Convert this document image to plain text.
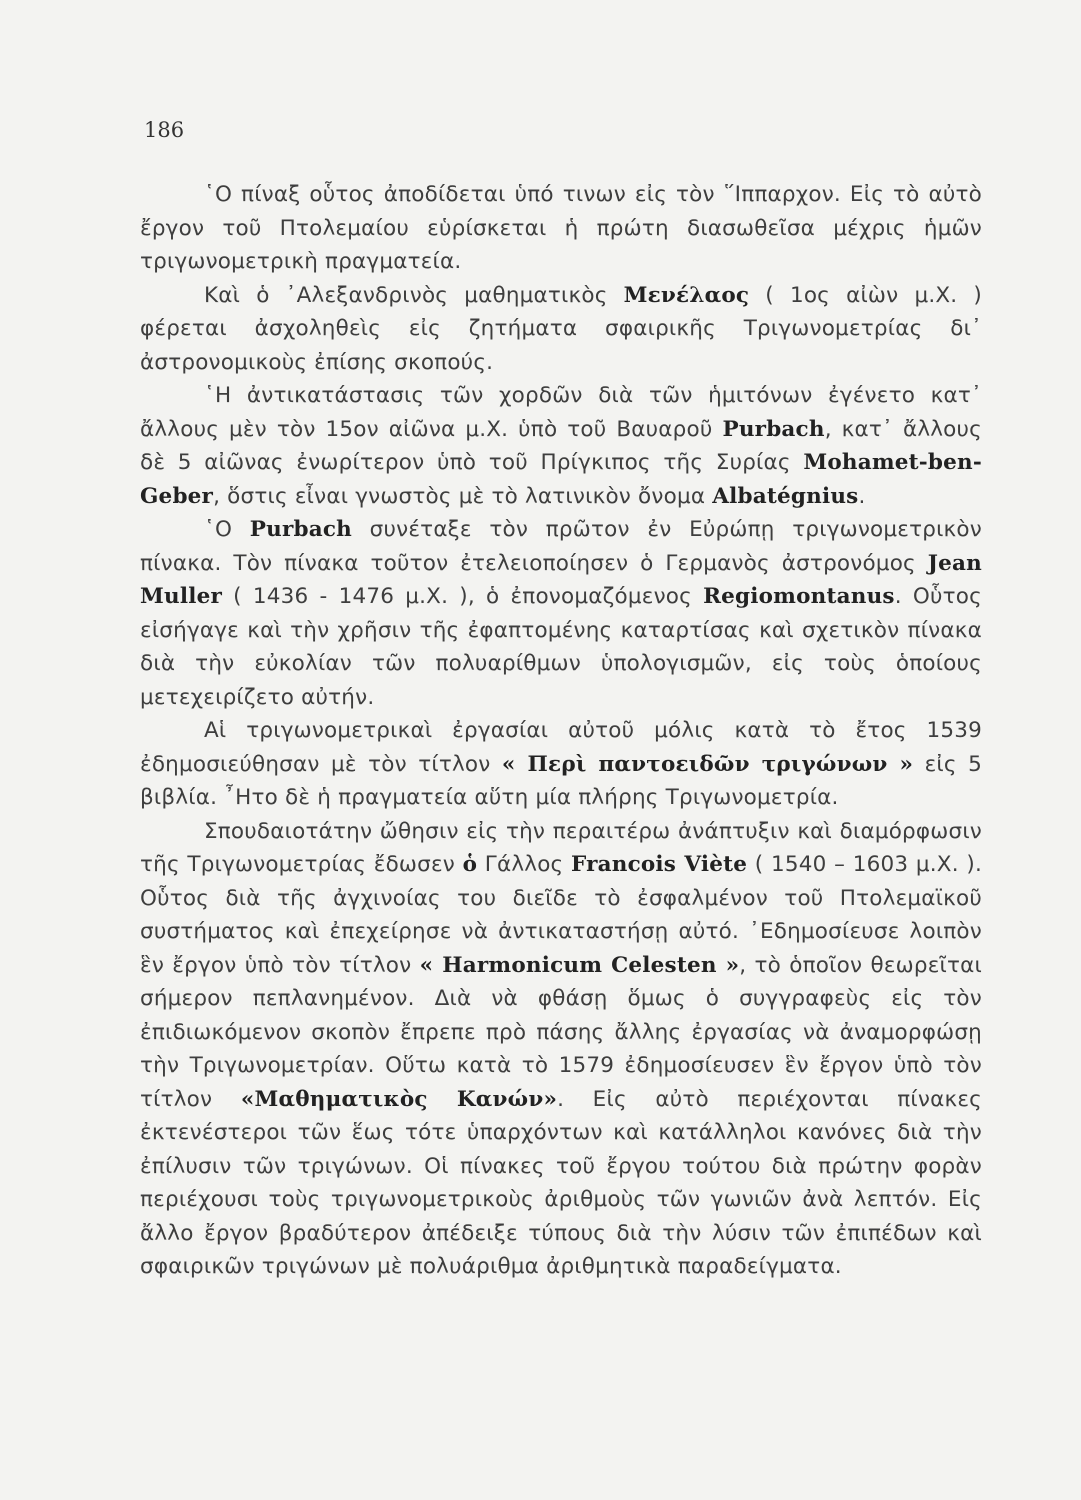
186

῾Ο πίναξ οὗτος ἀποδίδεται ὑπό τινων εἰς τὸν ῞Ιππαρχον. Εἰς τὸ αὐτὸ ἔργον τοῦ Πτολεμαίου εὑρίσκεται ἡ πρώτη διασωθεῖσα μέχρις ἡμῶν τριγωνομετρικὴ πραγματεία.

Καὶ ὁ ᾿Αλεξανδρινὸς μαθηματικὸς Μενέλαος ( 1ος αἰὼν μ.Χ. ) φέρεται ἀσχοληθεὶς εἰς ζητήματα σφαιρικῆς Τριγωνομετρίας δι᾿ ἀστρονομικοὺς ἐπίσης σκοπούς.

῾Η ἀντικατάστασις τῶν χορδῶν διὰ τῶν ἡμιτόνων ἐγένετο κατ᾿ ἄλλους μὲν τὸν 15ον αἰῶνα μ.Χ. ὑπὸ τοῦ Βαυαροῦ Purbach, κατ᾿ ἄλλους δὲ 5 αἰῶνας ἐνωρίτερον ὑπὸ τοῦ Πρίγκιπος τῆς Συρίας Mohamet-ben-Geber, ὅστις εἶναι γνωστὸς μὲ τὸ λατινικὸν ὄνομα Albatégnius.

῾Ο Purbach συνέταξε τὸν πρῶτον ἐν Εὐρώπῃ τριγωνομετρικὸν πίνακα. Τὸν πίνακα τοῦτον ἐτελειοποίησεν ὁ Γερμανὸς ἀστρονόμος Jean Muller ( 1436 - 1476 μ.Χ. ), ὁ ἐπονομαζόμενος Regiomontanus. Οὗτος εἰσήγαγε καὶ τὴν χρῆσιν τῆς ἐφαπτομένης καταρτίσας καὶ σχετικὸν πίνακα διὰ τὴν εὐκολίαν τῶν πολυαρίθμων ὑπολογισμῶν, εἰς τοὺς ὁποίους μετεχειρίζετο αὐτήν.

Αἱ τριγωνομετρικαὶ ἐργασίαι αὐτοῦ μόλις κατὰ τὸ ἔτος 1539 ἐδημοσιεύθησαν μὲ τὸν τίτλον « Περὶ παντοειδῶν τριγώνων » εἰς 5 βιβλία. ῏Ητο δὲ ἡ πραγματεία αὕτη μία πλήρης Τριγωνομετρία.

Σπουδαιοτάτην ὤθησιν εἰς τὴν περαιτέρω ἀνάπτυξιν καὶ διαμόρφωσιν τῆς Τριγωνομετρίας ἔδωσεν ὁ Γάλλος Francois Viète ( 1540 – 1603 μ.Χ. ). Οὗτος διὰ τῆς ἀγχινοίας του διεῖδε τὸ ἐσφαλμένον τοῦ Πτολεμαϊκοῦ συστήματος καὶ ἐπεχείρησε νὰ ἀντικαταστήσῃ αὐτό. ᾿Εδημοσίευσε λοιπὸν ἓν ἔργον ὑπὸ τὸν τίτλον « Harmonicum Celesten », τὸ ὁποῖον θεωρεῖται σήμερον πεπλανημένον. Διὰ νὰ φθάσῃ ὅμως ὁ συγγραφεὺς εἰς τὸν ἐπιδιωκόμενον σκοπὸν ἔπρεπε πρὸ πάσης ἄλλης ἐργασίας νὰ ἀναμορφώσῃ τὴν Τριγωνομετρίαν. Οὕτω κατὰ τὸ 1579 ἐδημοσίευσεν ἓν ἔργον ὑπὸ τὸν τίτλον «Μαθηματικὸς Κανών». Εἰς αὐτὸ περιέχονται πίνακες ἐκτενέστεροι τῶν ἕως τότε ὑπαρχόντων καὶ κατάλληλοι κανόνες διὰ τὴν ἐπίλυσιν τῶν τριγώνων. Οἱ πίνακες τοῦ ἔργου τούτου διὰ πρώτην φορὰν περιέχουσι τοὺς τριγωνομετρικοὺς ἀριθμοὺς τῶν γωνιῶν ἀνὰ λεπτόν. Εἰς ἄλλο ἔργον βραδύτερον ἀπέδειξε τύπους διὰ τὴν λύσιν τῶν ἐπιπέδων καὶ σφαιρικῶν τριγώνων μὲ πολυάριθμα ἀριθμητικὰ παραδείγματα.
